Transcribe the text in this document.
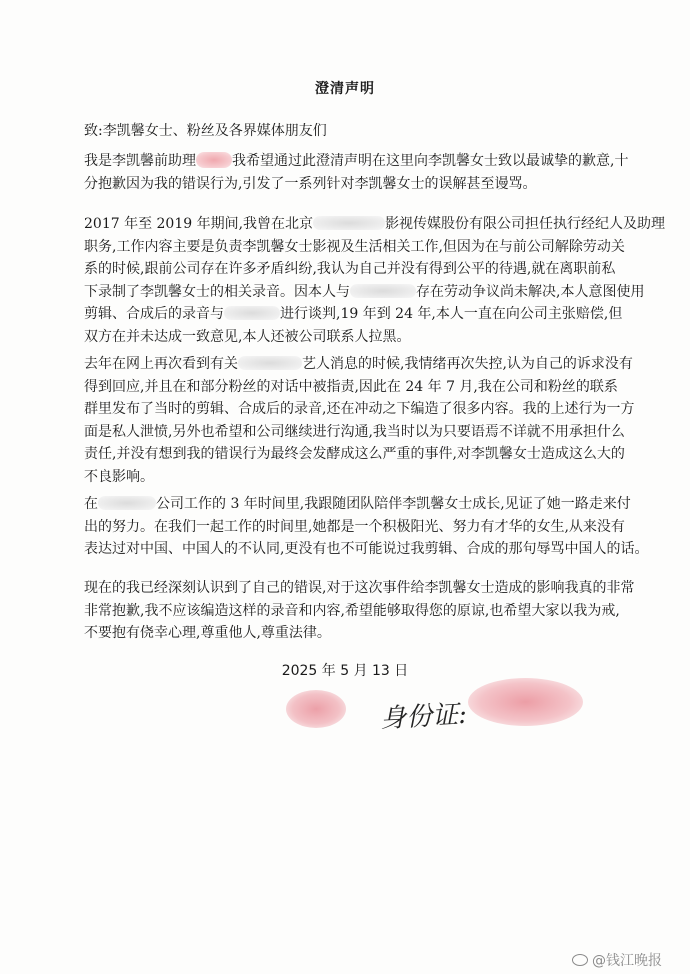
澄清声明
致:李凯馨女士、粉丝及各界媒体朋友们
我是李凯馨前助理	我希望通过此澄清声明在这里向李凯馨女士致以最诚挚的歉意,十
分抱歉因为我的错误行为,引发了一系列针对李凯馨女士的误解甚至谩骂。
2017 年至 2019 年期间,我曾在北京	影视传媒股份有限公司担任执行经纪人及助理
职务,工作内容主要是负责李凯馨女士影视及生活相关工作,但因为在与前公司解除劳动关
系的时候,跟前公司存在许多矛盾纠纷,我认为自己并没有得到公平的待遇,就在离职前私
下录制了李凯馨女士的相关录音。因本人与	存在劳动争议尚未解决,本人意图使用
剪辑、合成后的录音与	进行谈判,19 年到 24 年,本人一直在向公司主张赔偿,但
双方在并未达成一致意见,本人还被公司联系人拉黑。
去年在网上再次看到有关	艺人消息的时候,我情绪再次失控,认为自己的诉求没有
得到回应,并且在和部分粉丝的对话中被指责,因此在 24 年 7 月,我在公司和粉丝的联系
群里发布了当时的剪辑、合成后的录音,还在冲动之下编造了很多内容。我的上述行为一方
面是私人泄愤,另外也希望和公司继续进行沟通,我当时以为只要语焉不详就不用承担什么
责任,并没有想到我的错误行为最终会发酵成这么严重的事件,对李凯馨女士造成这么大的
不良影响。
在	公司工作的 3 年时间里,我跟随团队陪伴李凯馨女士成长,见证了她一路走来付
出的努力。在我们一起工作的时间里,她都是一个积极阳光、努力有才华的女生,从来没有
表达过对中国、中国人的不认同,更没有也不可能说过我剪辑、合成的那句辱骂中国人的话。
现在的我已经深刻认识到了自己的错误,对于这次事件给李凯馨女士造成的影响我真的非常
非常抱歉,我不应该编造这样的录音和内容,希望能够取得您的原谅,也希望大家以我为戒,
不要抱有侥幸心理,尊重他人,尊重法律。
2025 年 5 月 13 日
身份证:
@钱江晚报
